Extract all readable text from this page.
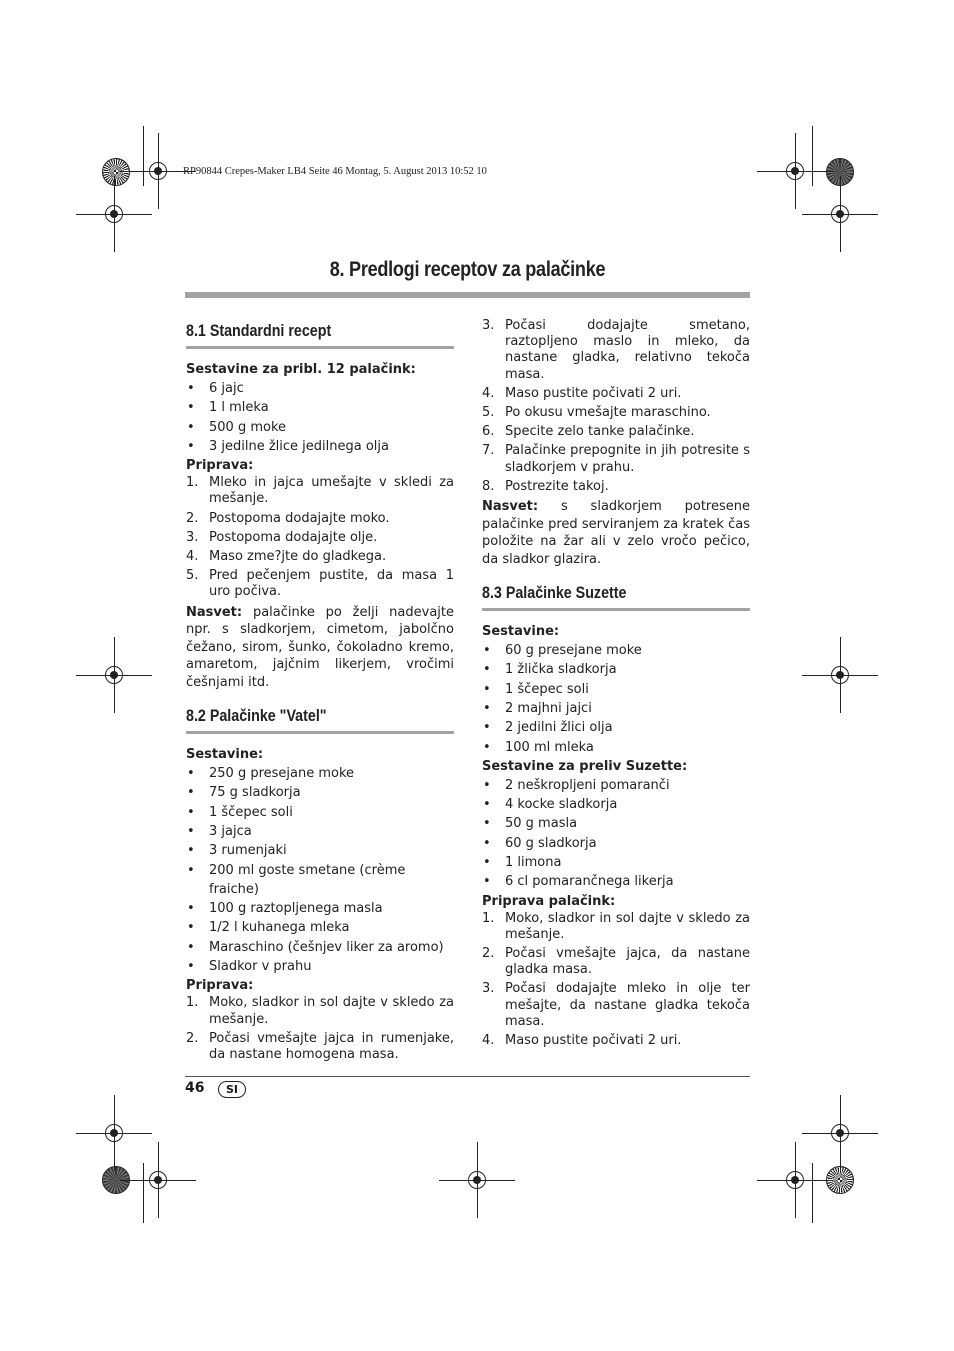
RP90844 Crepes-Maker LB4 Seite 46 Montag, 5. August 2013 10:52 10
8. Predlogi receptov za palačinke
8.1 Standardni recept
Sestavine za pribl. 12 palačink:
• 6 jajc
• 1 l mleka
• 500 g moke
• 3 jedilne žlice jedilnega olja
Priprava:
1. Mleko in jajca umešajte v skledi za mešanje.
2. Postopoma dodajajte moko.
3. Postopoma dodajajte olje.
4. Maso zme?jte do gladkega.
5. Pred pečenjem pustite, da masa 1 uro počiva.
Nasvet: palačinke po želji nadevajte npr. s sladkorjem, cimetom, jabolčno čežano, sirom, šunko, čokoladno kremo, amaretom, jajčnim likerjem, vročimi češnjami itd.
8.2 Palačinke "Vatel"
Sestavine:
• 250 g presejane moke
• 75 g sladkorja
• 1 ščepec soli
• 3 jajca
• 3 rumenjaki
• 200 ml goste smetane (crème fraiche)
• 100 g raztopljenega masla
• 1/2 l kuhanega mleka
• Maraschino (češnjev liker za aromo)
• Sladkor v prahu
Priprava:
1. Moko, sladkor in sol dajte v skledo za mešanje.
2. Počasi vmešajte jajca in rumenjake, da nastane homogena masa.
3. Počasi dodajajte smetano, raztopljeno maslo in mleko, da nastane gladka, relativno tekoča masa.
4. Maso pustite počivati 2 uri.
5. Po okusu vmešajte maraschino.
6. Specite zelo tanke palačinke.
7. Palačinke prepognite in jih potresite s sladkorjem v prahu.
8. Postrezite takoj.
Nasvet: s sladkorjem potresene palačinke pred serviranjem za kratek čas položite na žar ali v zelo vročo pečico, da sladkor glazira.
8.3 Palačinke Suzette
Sestavine:
• 60 g presejane moke
• 1 žlička sladkorja
• 1 ščepec soli
• 2 majhni jajci
• 2 jedilni žlici olja
• 100 ml mleka
Sestavine za preliv Suzette:
• 2 neškropljeni pomaranči
• 4 kocke sladkorja
• 50 g masla
• 60 g sladkorja
• 1 limona
• 6 cl pomarančnega likerja
Priprava palačink:
1. Moko, sladkor in sol dajte v skledo za mešanje.
2. Počasi vmešajte jajca, da nastane gladka masa.
3. Počasi dodajajte mleko in olje ter mešajte, da nastane gladka tekoča masa.
4. Maso pustite počivati 2 uri.
46	SI
